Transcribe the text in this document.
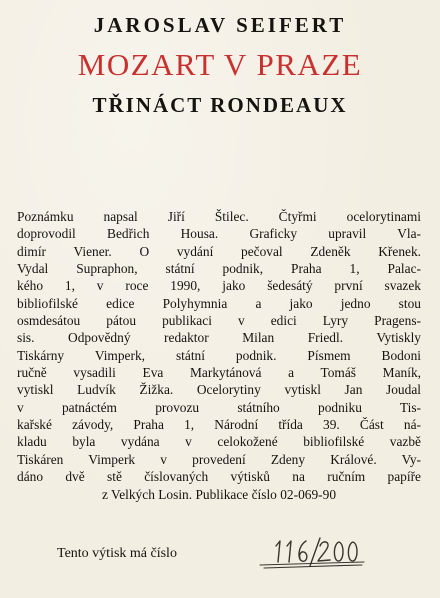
JAROSLAV SEIFERT
MOZART V PRAZE
TŘINÁCT RONDEAUX
Poznámku napsal Jiří Štilec. Čtyřmi ocelorytinami
doprovodil Bedřich Housa. Graficky upravil Vla-
dimír Viener. O vydání pečoval Zdeněk Křenek.
Vydal Supraphon, státní podnik, Praha 1, Palac-
kého 1, v roce 1990, jako šedesátý první svazek
bibliofilské edice Polyhymnia a jako jedno stou
osmdesátou pátou publikaci v edici Lyry Pragens-
sis. Odpovědný redaktor Milan Friedl. Vytiskly
Tiskárny Vimperk, státní podnik. Písmem Bodoni
ručně vysadili Eva Markytánová a Tomáš Maník,
vytiskl Ludvík Žižka. Ocelorytiny vytiskl Jan Joudal
v patnáctém provozu státního podniku Tis-
kařské závody, Praha 1, Národní třída 39. Část ná-
kladu byla vydána v celokožené bibliofilské vazbě
Tiskáren Vimperk v provedení Zdeny Králové. Vy-
dáno dvě stě číslovaných výtisků na ručním papíře
z Velkých Losin. Publikace číslo 02-069-90
Tento výtisk má číslo
